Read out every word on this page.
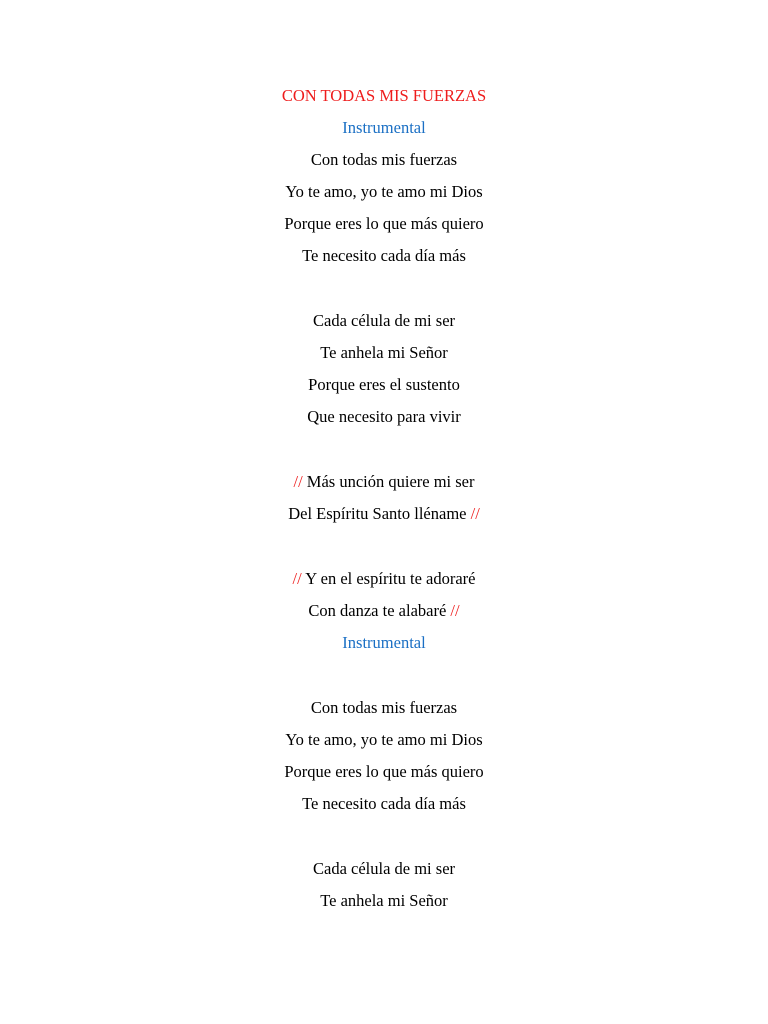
CON TODAS MIS FUERZAS
Instrumental
Con todas mis fuerzas
Yo te amo, yo te amo mi Dios
Porque eres lo que más quiero
Te necesito cada día más
Cada célula de mi ser
Te anhela mi Señor
Porque eres el sustento
Que necesito para vivir
// Más unción quiere mi ser
Del Espíritu Santo lléname //
// Y en el espíritu te adoraré
Con danza te alabaré //
Instrumental
Con todas mis fuerzas
Yo te amo, yo te amo mi Dios
Porque eres lo que más quiero
Te necesito cada día más
Cada célula de mi ser
Te anhela mi Señor
